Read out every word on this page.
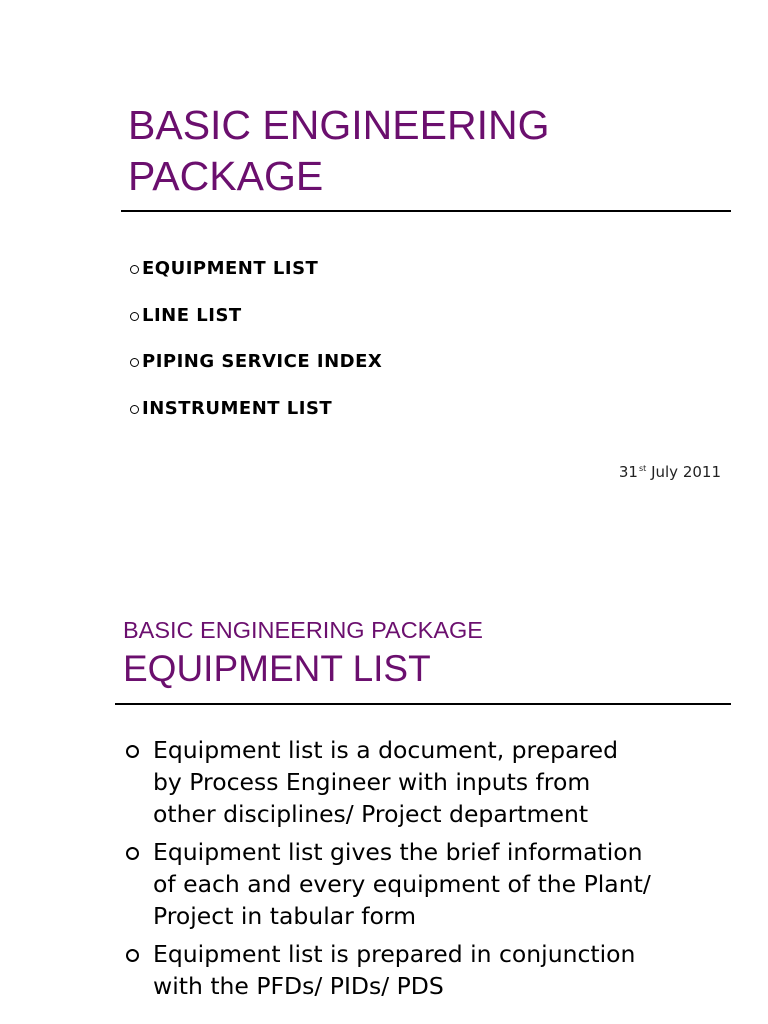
BASIC ENGINEERING
PACKAGE
EQUIPMENT LIST
LINE LIST
PIPING SERVICE INDEX
INSTRUMENT LIST
31st July 2011
BASIC ENGINEERING PACKAGE
EQUIPMENT LIST
Equipment list is a document, prepared
by Process Engineer with inputs from
other disciplines/ Project department
Equipment list gives the brief information
of each and every equipment of the Plant/
Project in tabular form
Equipment list is prepared in conjunction
with the PFDs/ PIDs/ PDS
